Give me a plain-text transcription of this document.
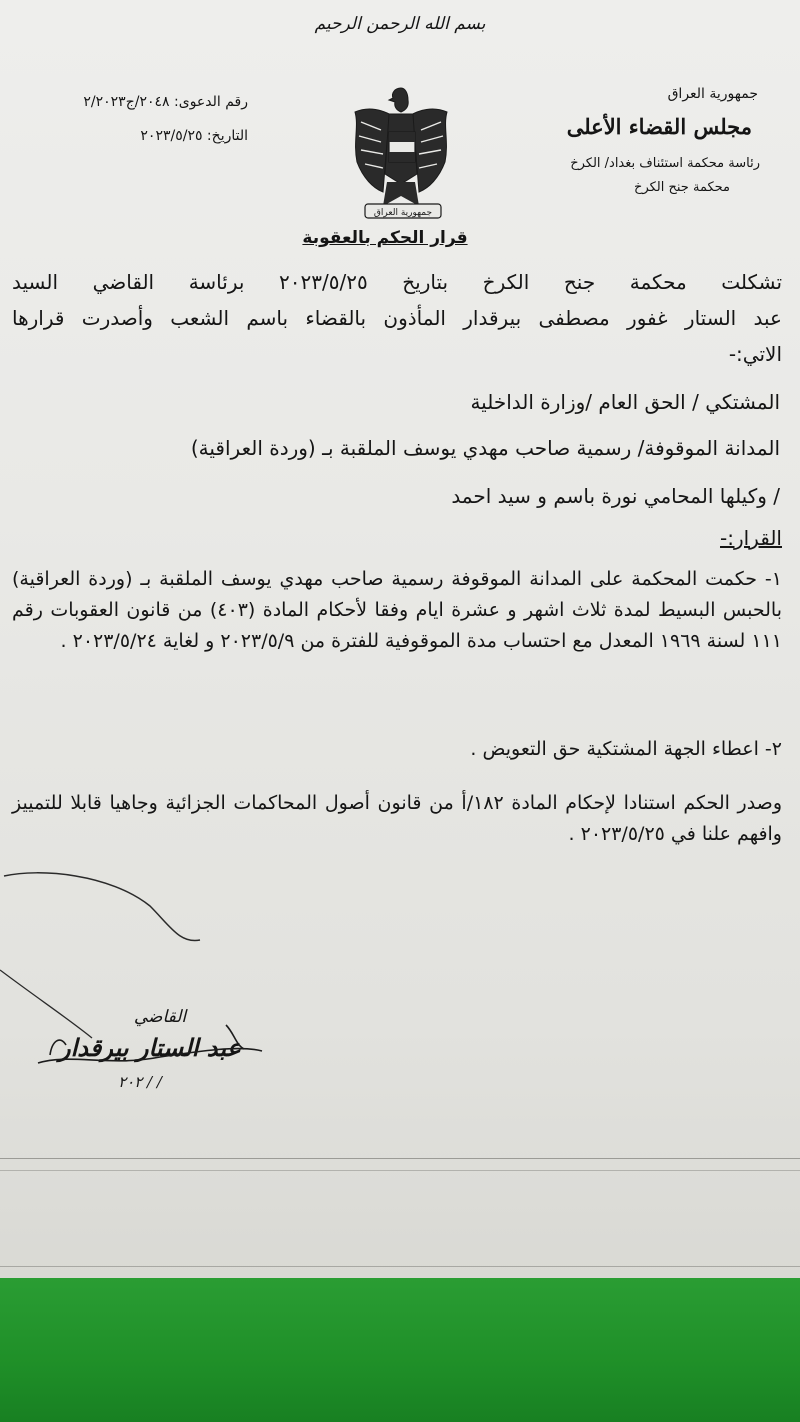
بسم الله الرحمن الرحيم
جمهورية العراق
مجلس القضاء الأعلى
رئاسة محكمة استئناف بغداد/ الكرخ
محكمة جنح الكرخ
رقم الدعوى: ٢٠٤٨/ج٢/٢٠٢٣
التاريخ: ٢٠٢٣/٥/٢٥
جمهورية العراق
قرار الحكم بالعقوبة
تشكلت محكمة جنح الكرخ بتاريخ ٢٠٢٣/٥/٢٥ برئاسة القاضي السيد
عبد الستار غفور مصطفى بيرقدار المأذون بالقضاء باسم الشعب وأصدرت قرارها
الاتي:-
المشتكي / الحق العام /وزارة الداخلية
المدانة الموقوفة/ رسمية صاحب مهدي يوسف الملقبة بـ (وردة العراقية)
/ وكيلها المحامي نورة باسم و سيد احمد
القرار:-
١- حكمت المحكمة على المدانة الموقوفة رسمية صاحب مهدي يوسف الملقبة بـ (وردة العراقية) بالحبس البسيط لمدة ثلاث اشهر و عشرة ايام وفقا لأحكام المادة (٤٠٣) من قانون العقوبات رقم ١١١ لسنة ١٩٦٩ المعدل مع احتساب مدة الموقوفية للفترة من ٢٠٢٣/٥/٩ و لغاية ٢٠٢٣/٥/٢٤ .
٢- اعطاء الجهة المشتكية حق التعويض .
وصدر الحكم استنادا لإحكام المادة ١٨٢/أ من قانون أصول المحاكمات الجزائية وجاهيا قابلا للتمييز وافهم علنا في ٢٠٢٣/٥/٢٥ .
القاضي
عبد الستار بيرقدار
/ / ٢٠٢
